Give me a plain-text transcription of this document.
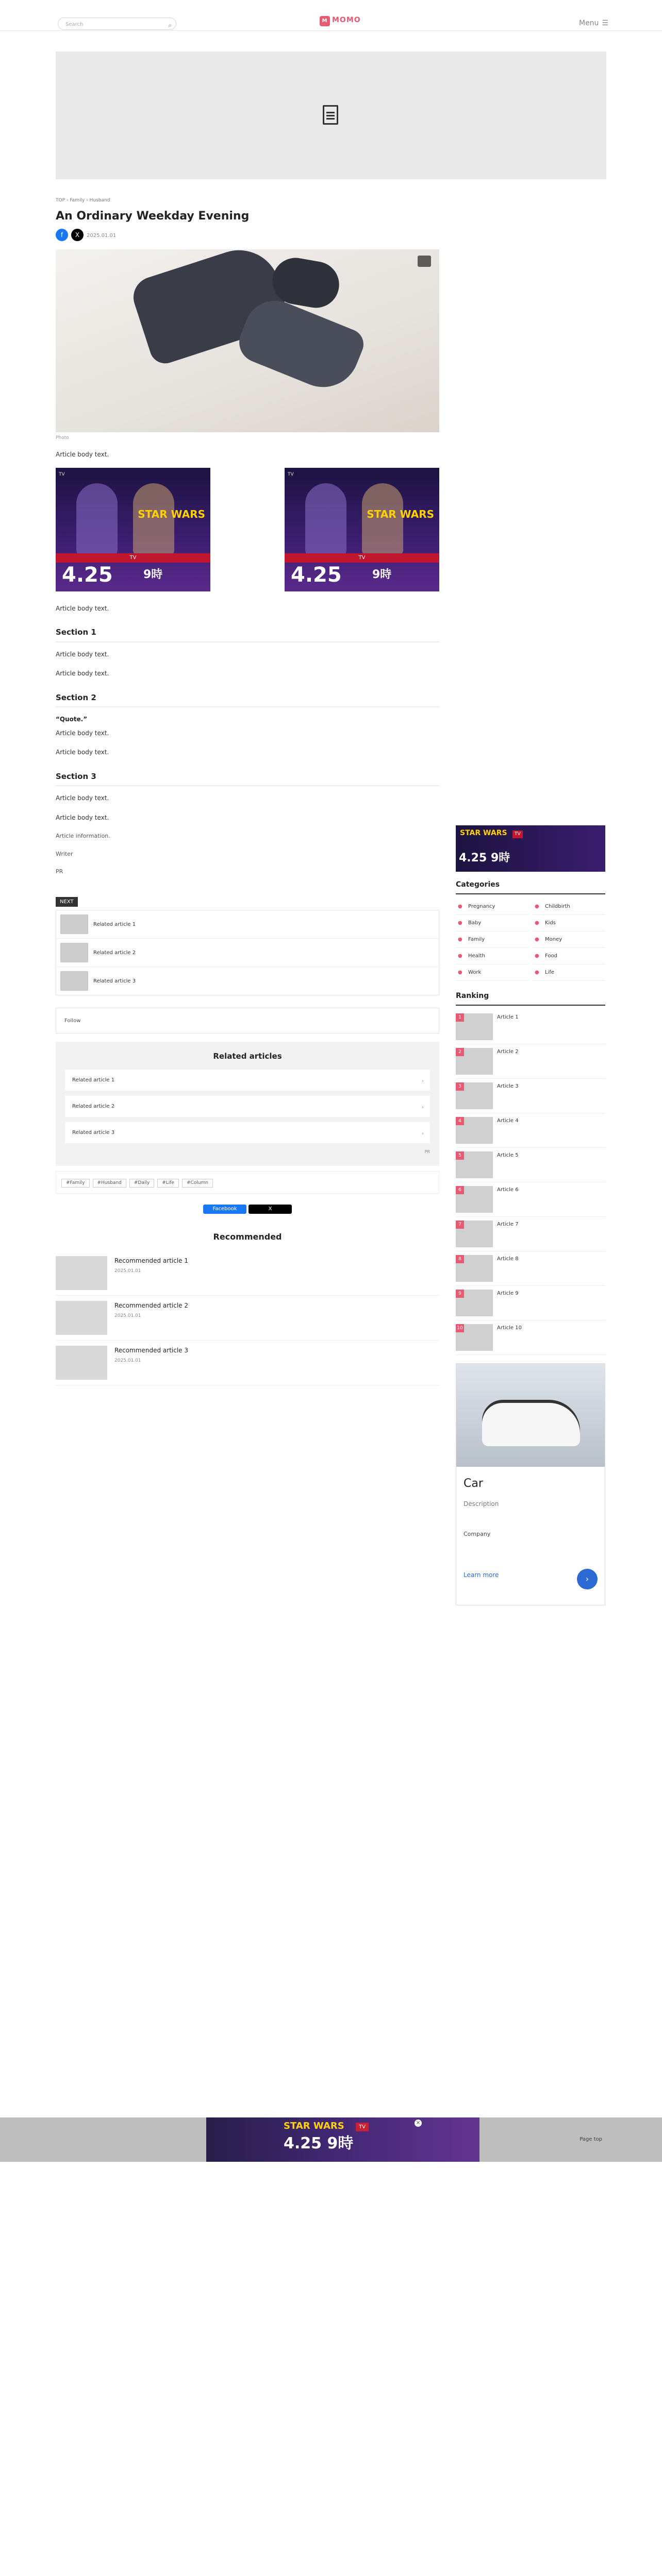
Search	⌕
M MOMO	Menu ☰
TOP › Family › Husband
An Ordinary Weekday Evening
f X 2025.01.01
Photo

Article body text.

TV
STAR WARS
TV
4.25	9時
TV
STAR WARS
TV
4.25	9時

Article body text.

Section 1

Article body text.

Article body text.

Section 2

“Quote.”

Article body text.

Article body text.

Section 3

Article body text.

Article body text.

Article information.
Writer
PR
NEXT
Related article 1
Related article 2
Related article 3
Follow
Related articles
Related article 1 ›
Related article 2 ›
Related article 3 ›
PR
#Family	#Husband	#Daily	#Life	#Column
Facebook	X
Recommended
Recommended article 1
2025.01.01
Recommended article 2
2025.01.01
Recommended article 3
2025.01.01
STAR WARS	TV
4.25 9時
Categories
● Pregnancy	● Childbirth
● Baby	● Kids
● Family	● Money
● Health	● Food
● Work	● Life
Ranking
1	Article 1
2	Article 2
3	Article 3
4	Article 4
5	Article 5
6	Article 6
7	Article 7
8	Article 8
9	Article 9
10	Article 10
Car
Description
Company
Learn more	›
×
STAR WARS	TV
4.25 9時	Page top
